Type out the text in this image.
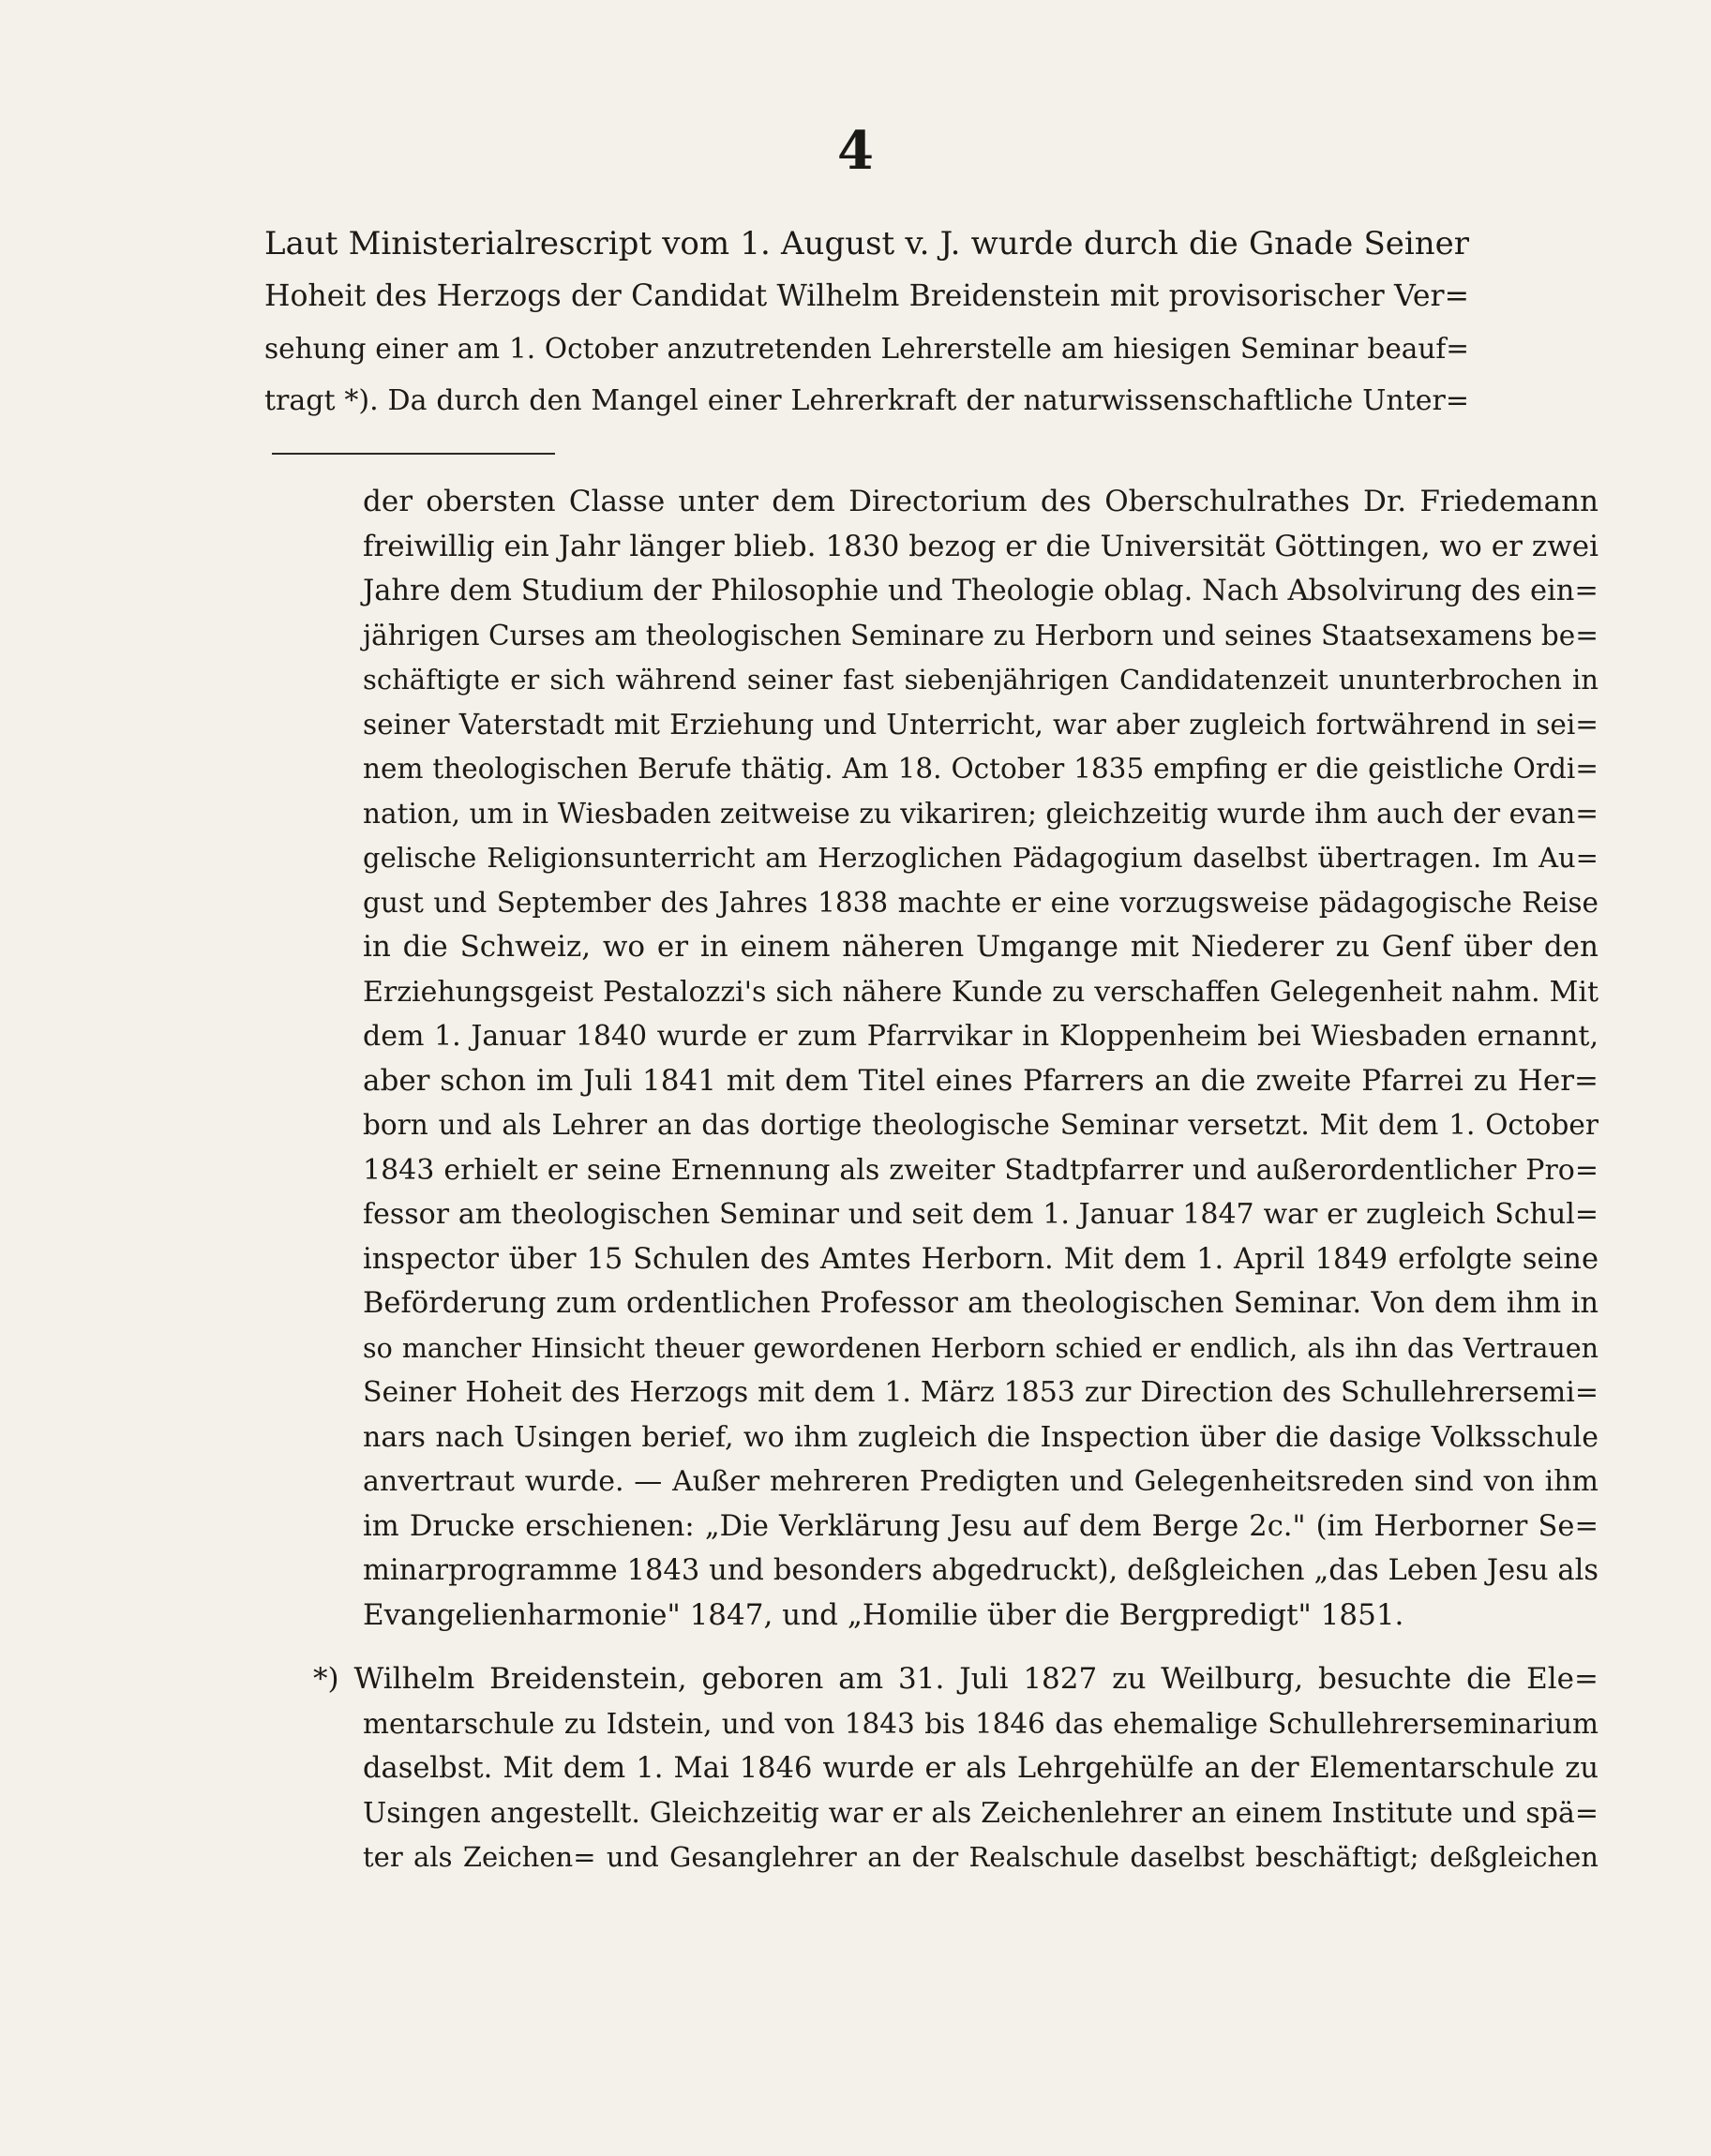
4
Laut Ministerialrescript vom 1. August v. J. wurde durch die Gnade Seiner
Hoheit des Herzogs der Candidat Wilhelm Breidenstein mit provisorischer Ver=
sehung einer am 1. October anzutretenden Lehrerstelle am hiesigen Seminar beauf=
tragt *). Da durch den Mangel einer Lehrerkraft der naturwissenschaftliche Unter=
der obersten Classe unter dem Directorium des Oberschulrathes Dr. Friedemann
freiwillig ein Jahr länger blieb. 1830 bezog er die Universität Göttingen, wo er zwei
Jahre dem Studium der Philosophie und Theologie oblag. Nach Absolvirung des ein=
jährigen Curses am theologischen Seminare zu Herborn und seines Staatsexamens be=
schäftigte er sich während seiner fast siebenjährigen Candidatenzeit ununterbrochen in
seiner Vaterstadt mit Erziehung und Unterricht, war aber zugleich fortwährend in sei=
nem theologischen Berufe thätig. Am 18. October 1835 empfing er die geistliche Ordi=
nation, um in Wiesbaden zeitweise zu vikariren; gleichzeitig wurde ihm auch der evan=
gelische Religionsunterricht am Herzoglichen Pädagogium daselbst übertragen. Im Au=
gust und September des Jahres 1838 machte er eine vorzugsweise pädagogische Reise
in die Schweiz, wo er in einem näheren Umgange mit Niederer zu Genf über den
Erziehungsgeist Pestalozzi's sich nähere Kunde zu verschaffen Gelegenheit nahm. Mit
dem 1. Januar 1840 wurde er zum Pfarrvikar in Kloppenheim bei Wiesbaden ernannt,
aber schon im Juli 1841 mit dem Titel eines Pfarrers an die zweite Pfarrei zu Her=
born und als Lehrer an das dortige theologische Seminar versetzt. Mit dem 1. October
1843 erhielt er seine Ernennung als zweiter Stadtpfarrer und außerordentlicher Pro=
fessor am theologischen Seminar und seit dem 1. Januar 1847 war er zugleich Schul=
inspector über 15 Schulen des Amtes Herborn. Mit dem 1. April 1849 erfolgte seine
Beförderung zum ordentlichen Professor am theologischen Seminar. Von dem ihm in
so mancher Hinsicht theuer gewordenen Herborn schied er endlich, als ihn das Vertrauen
Seiner Hoheit des Herzogs mit dem 1. März 1853 zur Direction des Schullehrersemi=
nars nach Usingen berief, wo ihm zugleich die Inspection über die dasige Volksschule
anvertraut wurde. — Außer mehreren Predigten und Gelegenheitsreden sind von ihm
im Drucke erschienen: „Die Verklärung Jesu auf dem Berge 2c." (im Herborner Se=
minarprogramme 1843 und besonders abgedruckt), deßgleichen „das Leben Jesu als
Evangelienharmonie" 1847, und „Homilie über die Bergpredigt" 1851.
*) Wilhelm Breidenstein, geboren am 31. Juli 1827 zu Weilburg, besuchte die Ele=
mentarschule zu Idstein, und von 1843 bis 1846 das ehemalige Schullehrerseminarium
daselbst. Mit dem 1. Mai 1846 wurde er als Lehrgehülfe an der Elementarschule zu
Usingen angestellt. Gleichzeitig war er als Zeichenlehrer an einem Institute und spä=
ter als Zeichen= und Gesanglehrer an der Realschule daselbst beschäftigt; deßgleichen
